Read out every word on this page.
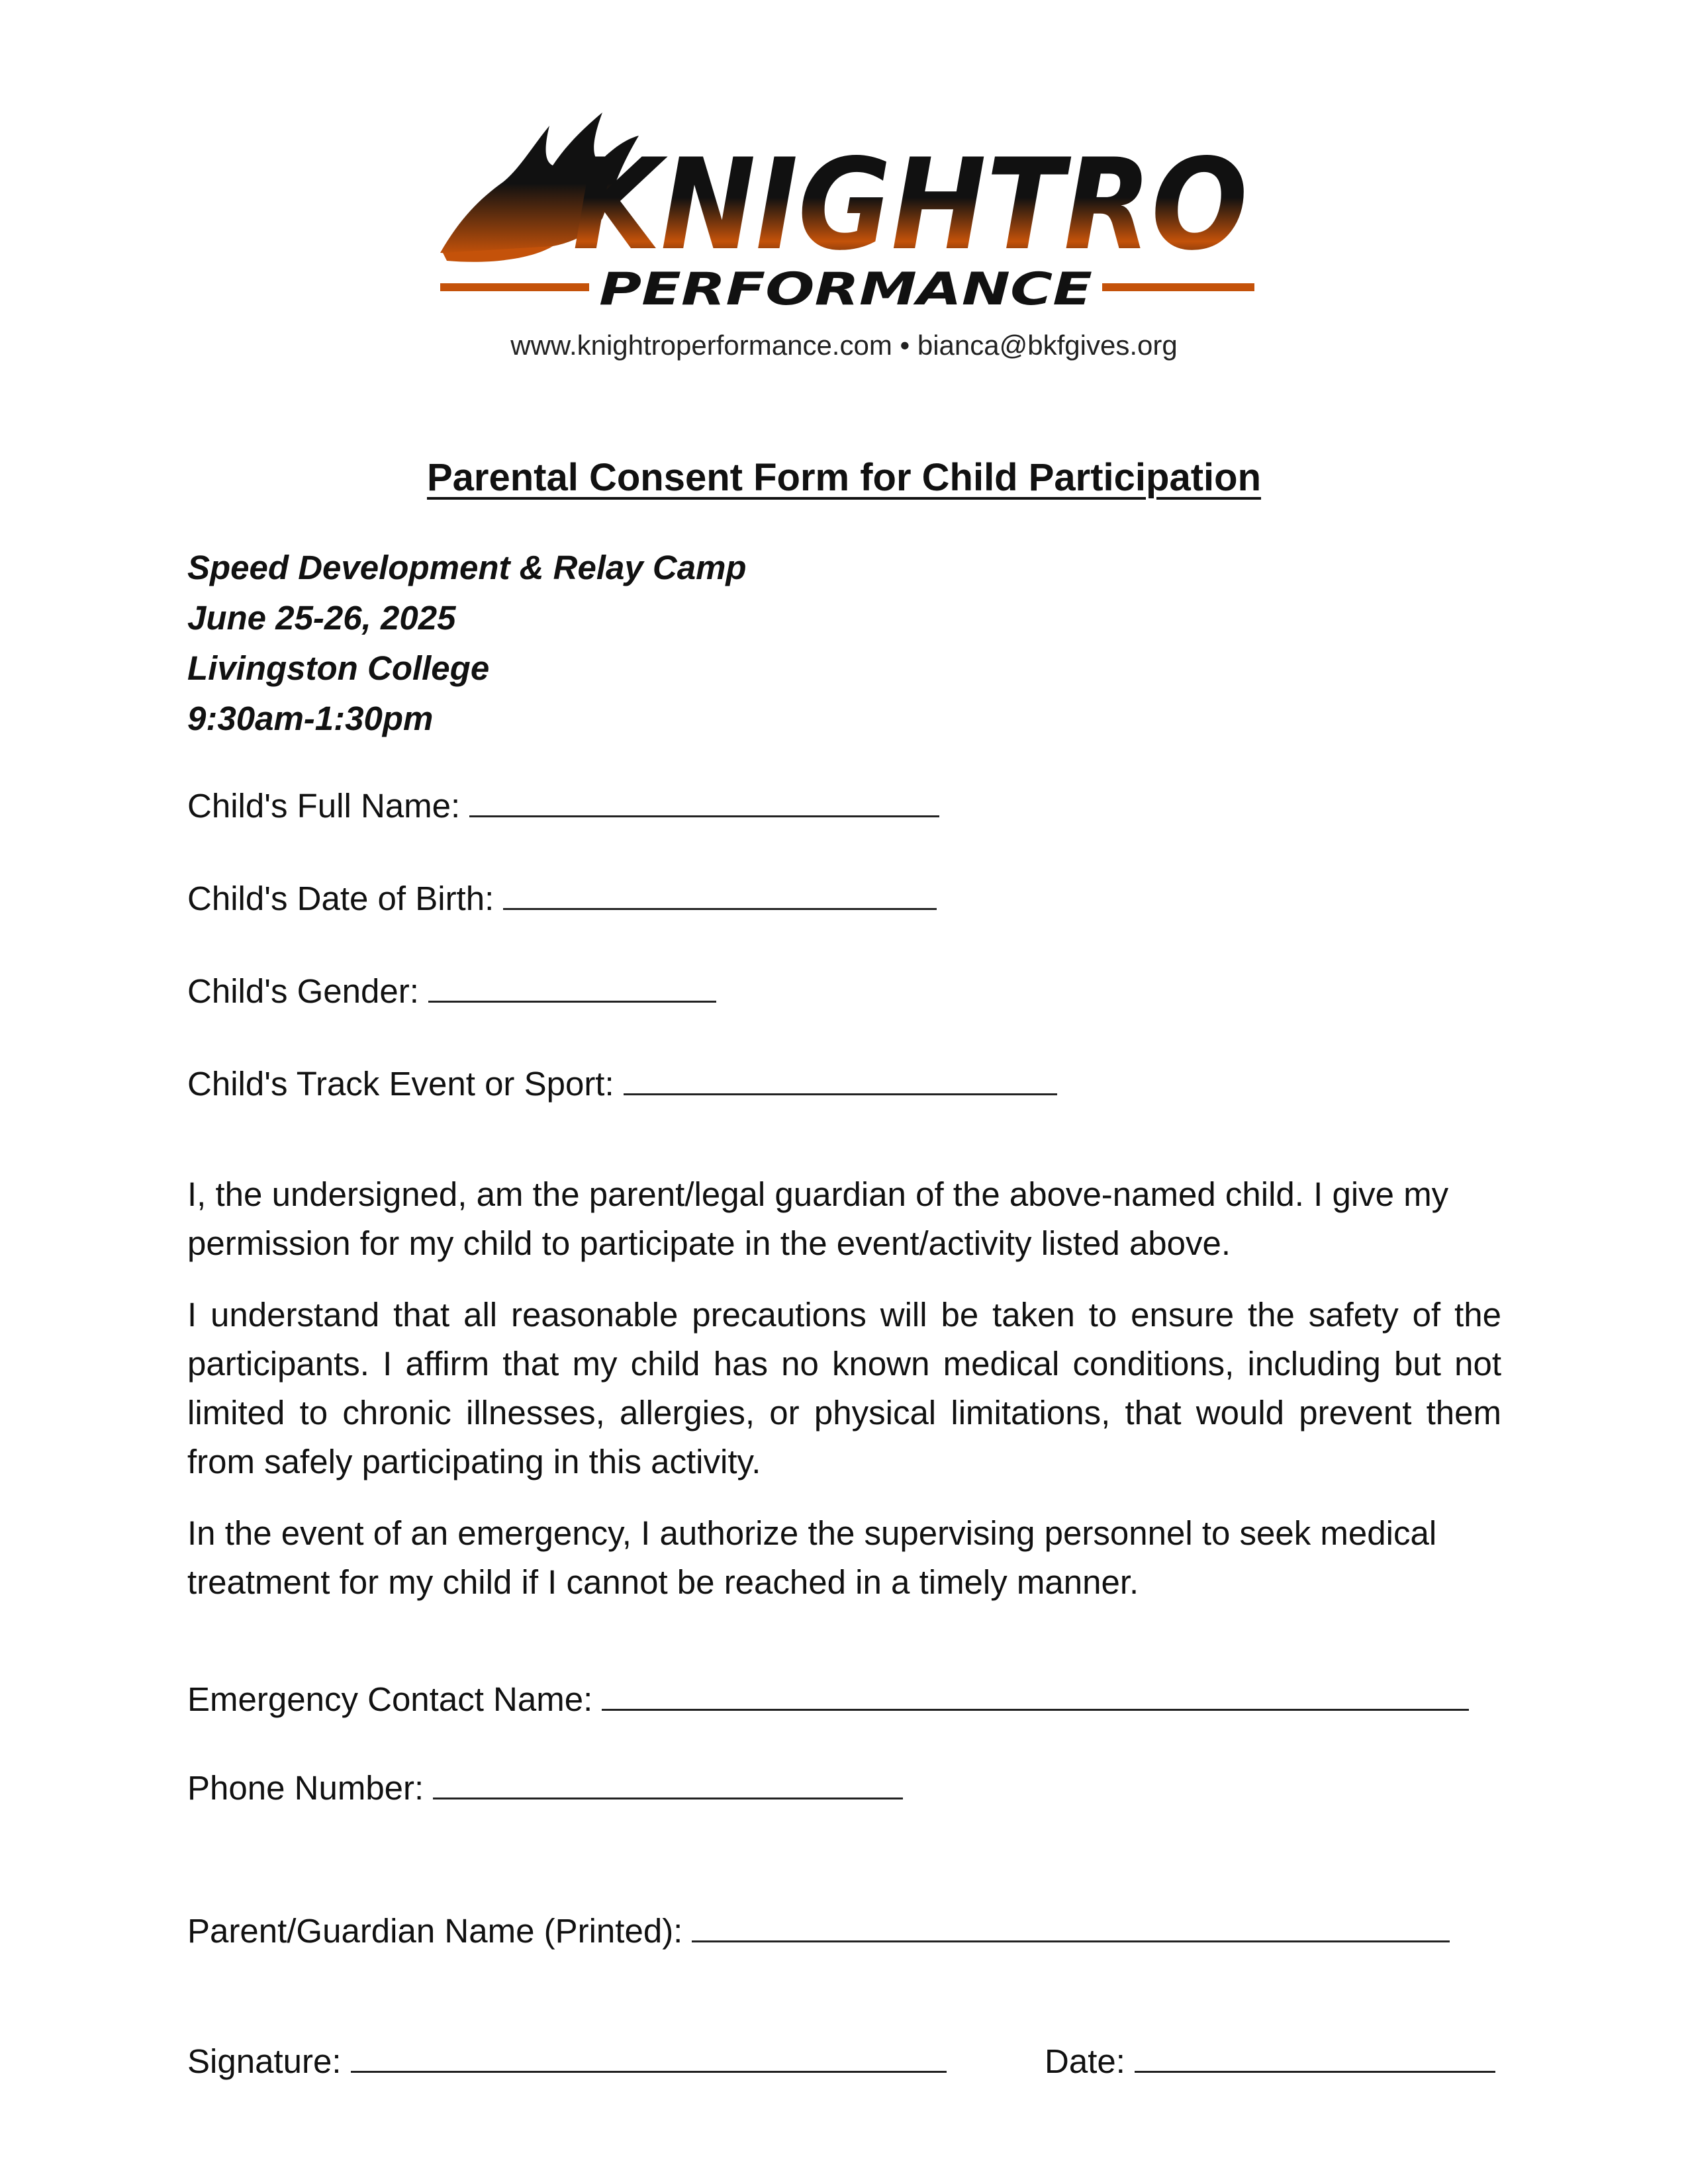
KNIGHTRO
PERFORMANCE
www.knightroperformance.com • bianca@bkfgives.org
Parental Consent Form for Child Participation
Speed Development & Relay Camp
June 25-26, 2025
Livingston College
9:30am-1:30pm
Child's Full Name:
Child's Date of Birth:
Child's Gender:
Child's Track Event or Sport:
I, the undersigned, am the parent/legal guardian of the above-named child. I give my permission for my child to participate in the event/activity listed above.
I understand that all reasonable precautions will be taken to ensure the safety of the participants. I affirm that my child has no known medical conditions, including but not limited to chronic illnesses, allergies, or physical limitations, that would prevent them from safely participating in this activity.
In the event of an emergency, I authorize the supervising personnel to seek medical treatment for my child if I cannot be reached in a timely manner.
Emergency Contact Name:
Phone Number:
Parent/Guardian Name (Printed):
Signature:	Date:
